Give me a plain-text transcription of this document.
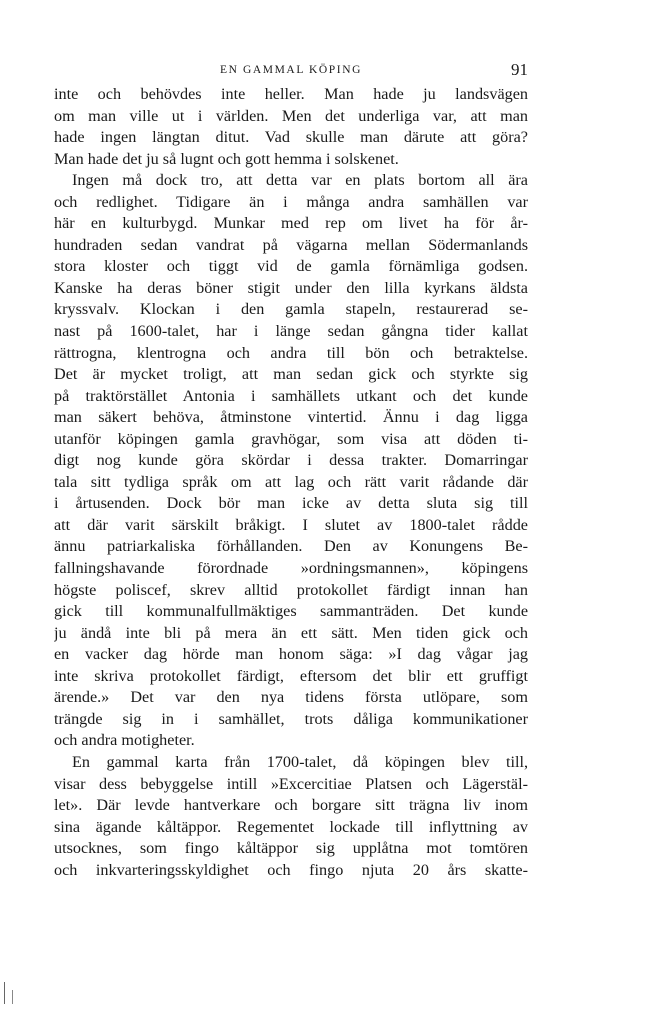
EN GAMMAL KÖPING	91
inte och behövdes inte heller. Man hade ju landsvägen
om man ville ut i världen. Men det underliga var, att man
hade ingen längtan ditut. Vad skulle man därute att göra?
Man hade det ju så lugnt och gott hemma i solskenet.
Ingen må dock tro, att detta var en plats bortom all ära
och redlighet. Tidigare än i många andra samhällen var
här en kulturbygd. Munkar med rep om livet ha för år-
hundraden sedan vandrat på vägarna mellan Södermanlands
stora kloster och tiggt vid de gamla förnämliga godsen.
Kanske ha deras böner stigit under den lilla kyrkans äldsta
kryssvalv. Klockan i den gamla stapeln, restaurerad se-
nast på 1600-talet, har i länge sedan gångna tider kallat
rättrogna, klentrogna och andra till bön och betraktelse.
Det är mycket troligt, att man sedan gick och styrkte sig
på traktörstället Antonia i samhällets utkant och det kunde
man säkert behöva, åtminstone vintertid. Ännu i dag ligga
utanför köpingen gamla gravhögar, som visa att döden ti-
digt nog kunde göra skördar i dessa trakter. Domarringar
tala sitt tydliga språk om att lag och rätt varit rådande där
i årtusenden. Dock bör man icke av detta sluta sig till
att där varit särskilt bråkigt. I slutet av 1800-talet rådde
ännu patriarkaliska förhållanden. Den av Konungens Be-
fallningshavande förordnade »ordningsmannen», köpingens
högste poliscef, skrev alltid protokollet färdigt innan han
gick till kommunalfullmäktiges sammanträden. Det kunde
ju ändå inte bli på mera än ett sätt. Men tiden gick och
en vacker dag hörde man honom säga: »I dag vågar jag
inte skriva protokollet färdigt, eftersom det blir ett gruffigt
ärende.» Det var den nya tidens första utlöpare, som
trängde sig in i samhället, trots dåliga kommunikationer
och andra motigheter.
En gammal karta från 1700-talet, då köpingen blev till,
visar dess bebyggelse intill »Excercitiae Platsen och Lägerstäl-
let». Där levde hantverkare och borgare sitt trägna liv inom
sina ägande kåltäppor. Regementet lockade till inflyttning av
utsocknes, som fingo kåltäppor sig upplåtna mot tomtören
och inkvarteringsskyldighet och fingo njuta 20 års skatte-
